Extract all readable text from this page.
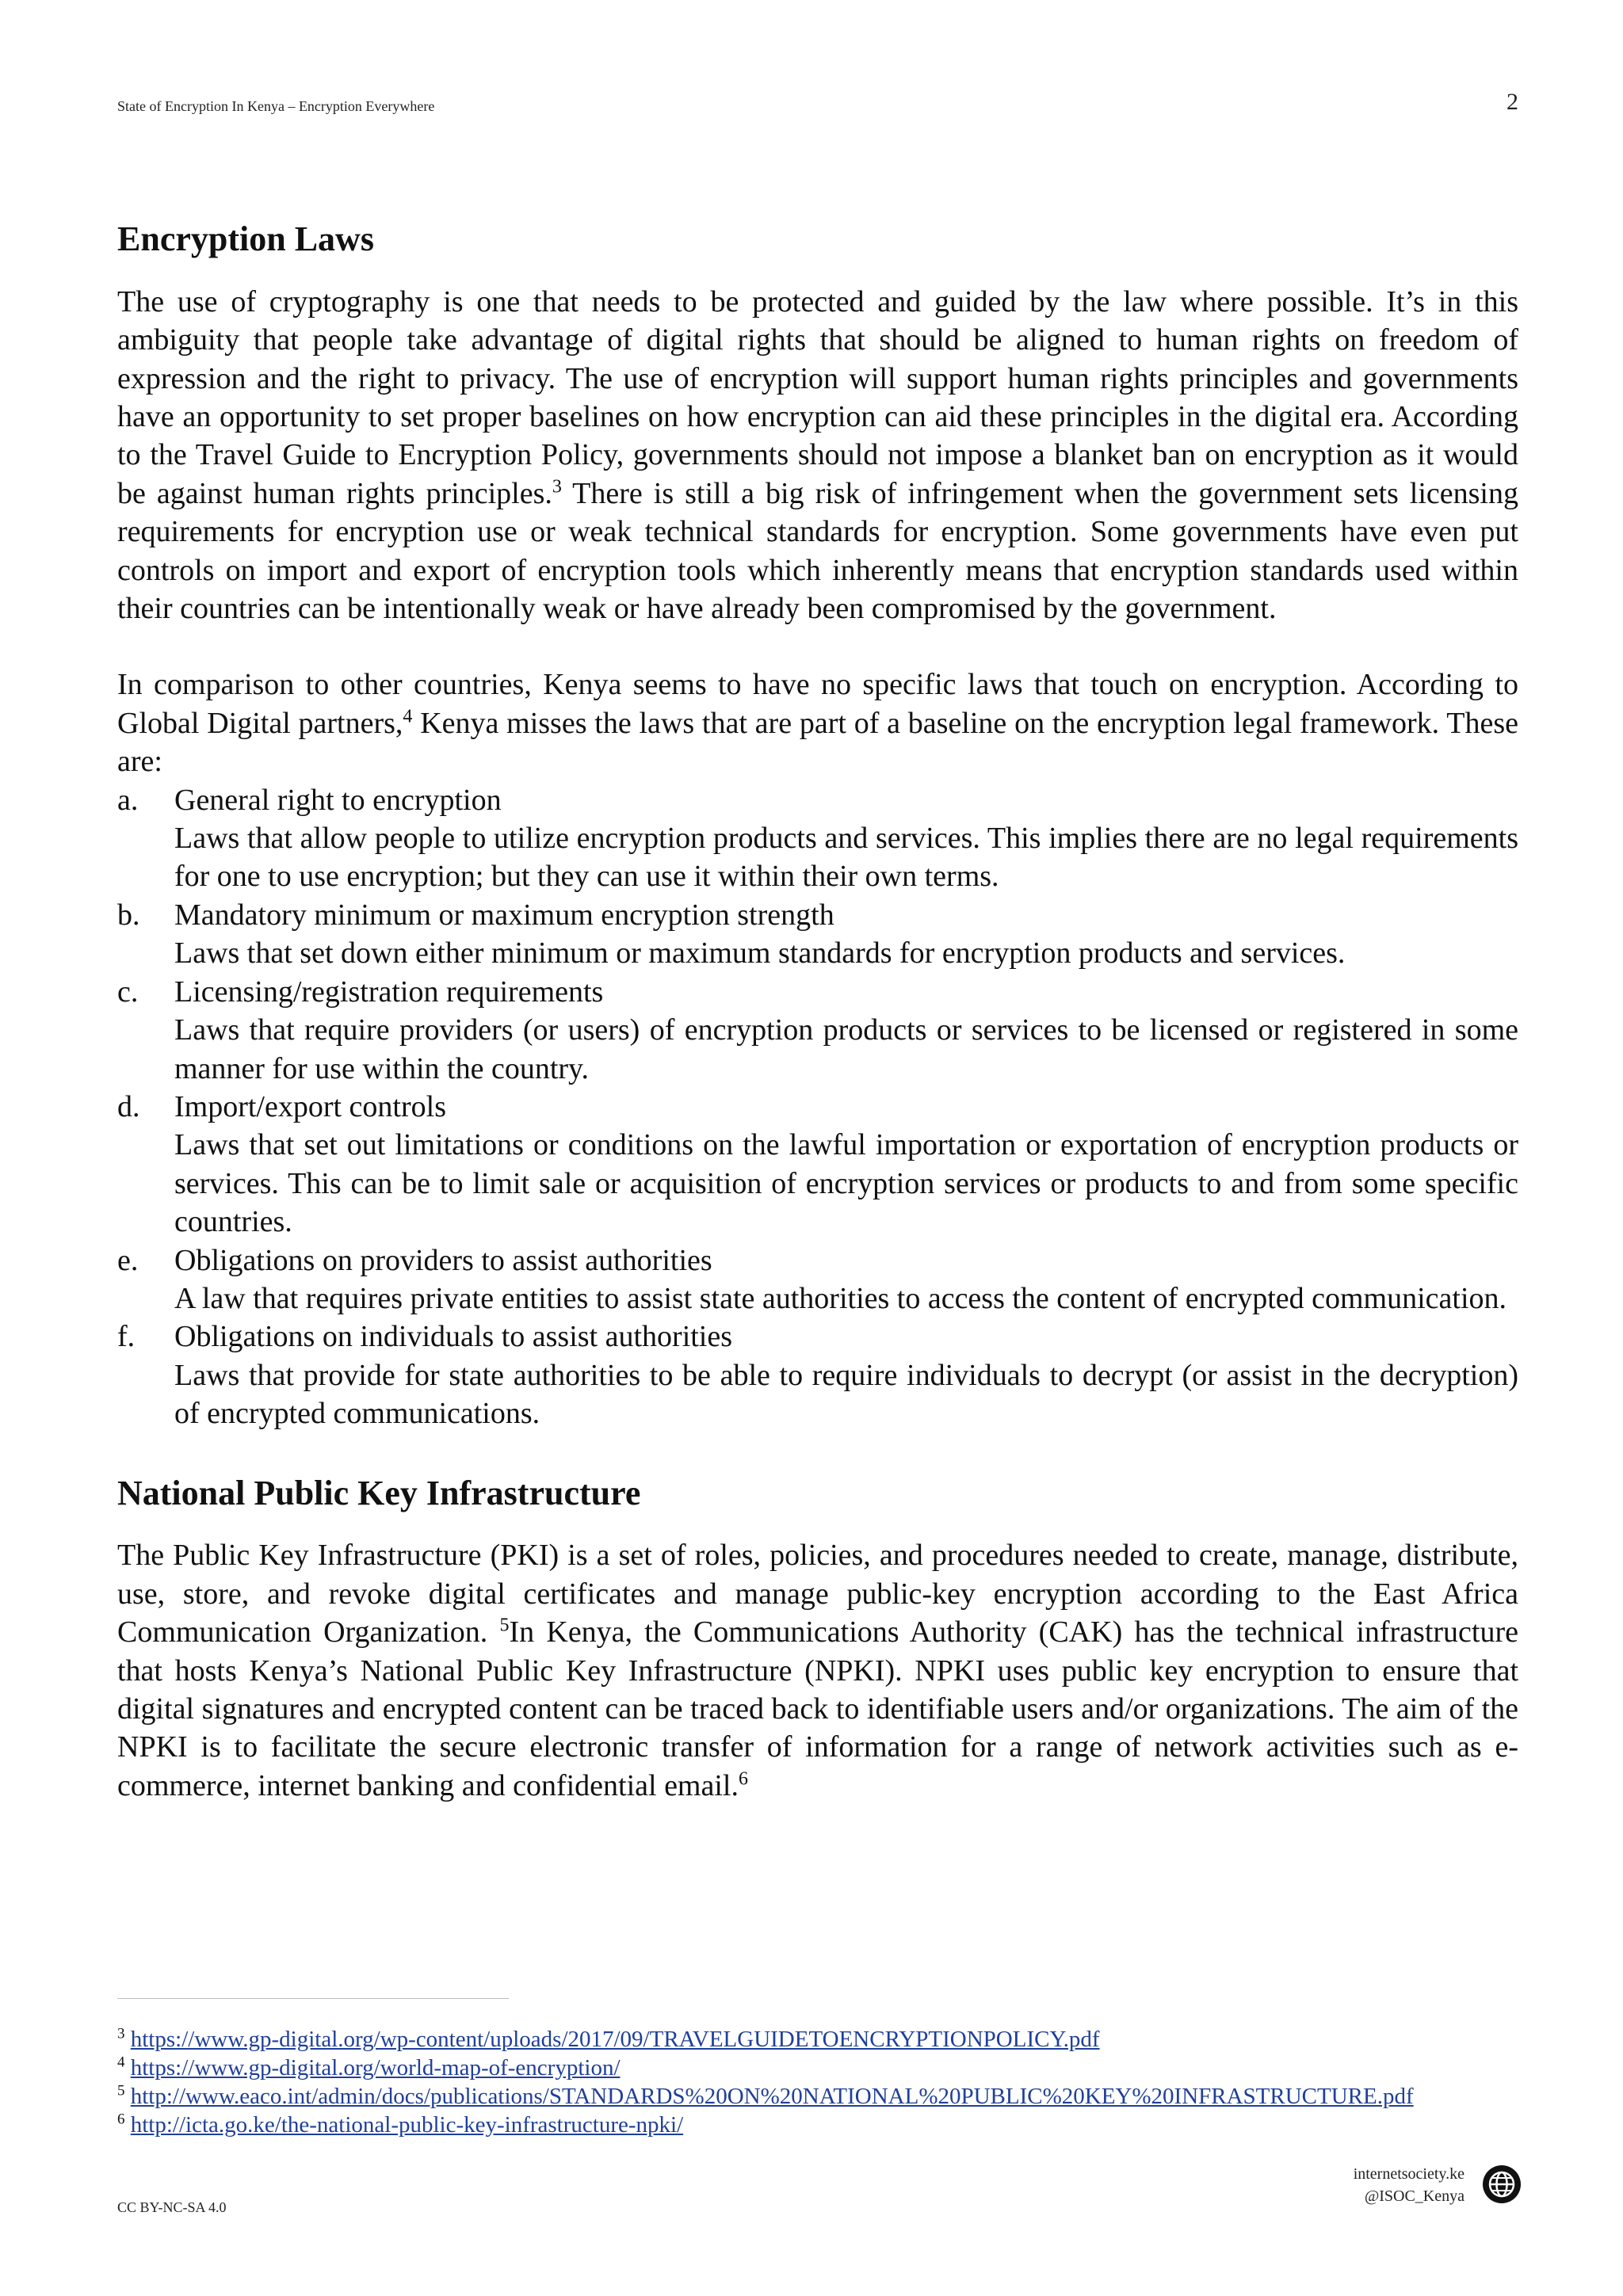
State of Encryption In Kenya – Encryption Everywhere	2
Encryption Laws

The use of cryptography is one that needs to be protected and guided by the law where possible. It’s in this ambiguity that people take advantage of digital rights that should be aligned to human rights on freedom of expression and the right to privacy. The use of encryption will support human rights principles and governments have an opportunity to set proper baselines on how encryption can aid these principles in the digital era. According to the Travel Guide to Encryption Policy, governments should not impose a blanket ban on encryption as it would be against human rights principles.$^3$ There is still a big risk of infringement when the government sets licensing requirements for encryption use or weak technical standards for encryption. Some governments have even put controls on import and export of encryption tools which inherently means that encryption standards used within their countries can be intentionally weak or have already been compromised by the government.

In comparison to other countries, Kenya seems to have no specific laws that touch on encryption. According to Global Digital partners,$^4$ Kenya misses the laws that are part of a baseline on the encryption legal framework. These are:

a. General right to encryption
Laws that allow people to utilize encryption products and services. This implies there are no legal requirements for one to use encryption; but they can use it within their own terms.
b. Mandatory minimum or maximum encryption strength
Laws that set down either minimum or maximum standards for encryption products and services.
c. Licensing/registration requirements
Laws that require providers (or users) of encryption products or services to be licensed or registered in some manner for use within the country.
d. Import/export controls
Laws that set out limitations or conditions on the lawful importation or exportation of encryption products or services. This can be to limit sale or acquisition of encryption services or products to and from some specific countries.
e. Obligations on providers to assist authorities
A law that requires private entities to assist state authorities to access the content of encrypted communication.
f. Obligations on individuals to assist authorities
Laws that provide for state authorities to be able to require individuals to decrypt (or assist in the decryption) of encrypted communications.
National Public Key Infrastructure

The Public Key Infrastructure (PKI) is a set of roles, policies, and procedures needed to create, manage, distribute, use, store, and revoke digital certificates and manage public-key encryption according to the East Africa Communication Organization. $^5$In Kenya, the Communications Authority (CAK) has the technical infrastructure that hosts Kenya’s National Public Key Infrastructure (NPKI). NPKI uses public key encryption to ensure that digital signatures and encrypted content can be traced back to identifiable users and/or organizations. The aim of the NPKI is to facilitate the secure electronic transfer of information for a range of network activities such as e-commerce, internet banking and confidential email.$^6$

$^3$ https://www.gp-digital.org/wp-content/uploads/2017/09/TRAVELGUIDETOENCRYPTIONPOLICY.pdf
$^4$ https://www.gp-digital.org/world-map-of-encryption/
$^5$ http://www.eaco.int/admin/docs/publications/STANDARDS%20ON%20NATIONAL%20PUBLIC%20KEY%20INFRASTRUCTURE.pdf
$^6$ http://icta.go.ke/the-national-public-key-infrastructure-npki/
internetsociety.ke
@ISOC_Kenya
CC BY-NC-SA 4.0
